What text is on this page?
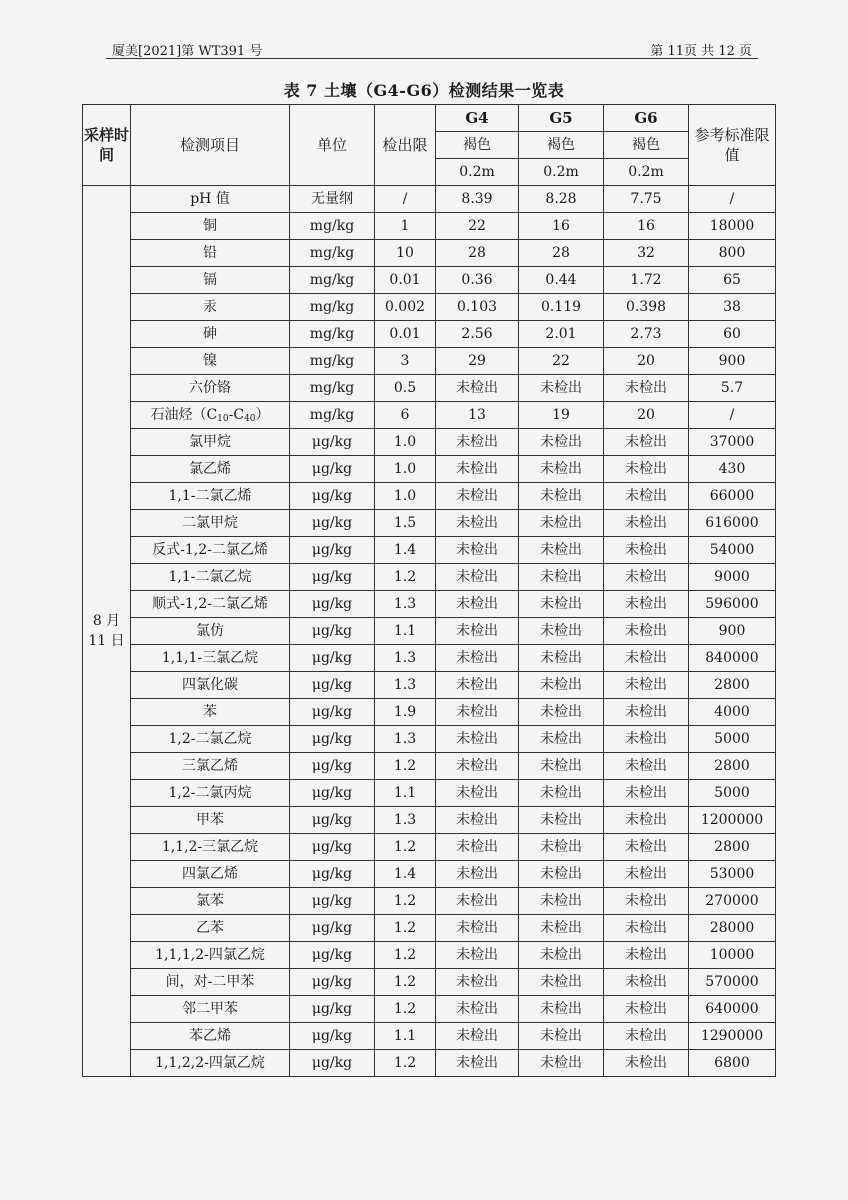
厦美[2021]第 WT391 号	第 11页 共 12 页
表 7 土壤（G4-G6）检测结果一览表
采样时间	检测项目	单位	检出限	G4	G5	G6	参考标准限值
				褐色	褐色	褐色	
				0.2m	0.2m	0.2m	
8 月 11 日	pH 值	无量纲	/	8.39	8.28	7.75	/
	铜	mg/kg	1	22	16	16	18000
	铅	mg/kg	10	28	28	32	800
	镉	mg/kg	0.01	0.36	0.44	1.72	65
	汞	mg/kg	0.002	0.103	0.119	0.398	38
	砷	mg/kg	0.01	2.56	2.01	2.73	60
	镍	mg/kg	3	29	22	20	900
	六价铬	mg/kg	0.5	未检出	未检出	未检出	5.7
	石油烃$(C_{10}-C_{40})$	mg/kg	6	13	19	20	/
	氯甲烷	μg/kg	1.0	未检出	未检出	未检出	37000
	氯乙烯	μg/kg	1.0	未检出	未检出	未检出	430
	1,1-二氯乙烯	μg/kg	1.0	未检出	未检出	未检出	66000
	二氯甲烷	μg/kg	1.5	未检出	未检出	未检出	616000
	反式-1,2-二氯乙烯	μg/kg	1.4	未检出	未检出	未检出	54000
	1,1-二氯乙烷	μg/kg	1.2	未检出	未检出	未检出	9000
	顺式-1,2-二氯乙烯	μg/kg	1.3	未检出	未检出	未检出	596000
	氯仿	μg/kg	1.1	未检出	未检出	未检出	900
	1,1,1-三氯乙烷	μg/kg	1.3	未检出	未检出	未检出	840000
	四氯化碳	μg/kg	1.3	未检出	未检出	未检出	2800
	苯	μg/kg	1.9	未检出	未检出	未检出	4000
	1,2-二氯乙烷	μg/kg	1.3	未检出	未检出	未检出	5000
	三氯乙烯	μg/kg	1.2	未检出	未检出	未检出	2800
	1,2-二氯丙烷	μg/kg	1.1	未检出	未检出	未检出	5000
	甲苯	μg/kg	1.3	未检出	未检出	未检出	1200000
	1,1,2-三氯乙烷	μg/kg	1.2	未检出	未检出	未检出	2800
	四氯乙烯	μg/kg	1.4	未检出	未检出	未检出	53000
	氯苯	μg/kg	1.2	未检出	未检出	未检出	270000
	乙苯	μg/kg	1.2	未检出	未检出	未检出	28000
	1,1,1,2-四氯乙烷	μg/kg	1.2	未检出	未检出	未检出	10000
	间，对-二甲苯	μg/kg	1.2	未检出	未检出	未检出	570000
	邻二甲苯	μg/kg	1.2	未检出	未检出	未检出	640000
	苯乙烯	μg/kg	1.1	未检出	未检出	未检出	1290000
	1,1,2,2-四氯乙烷	μg/kg	1.2	未检出	未检出	未检出	6800
